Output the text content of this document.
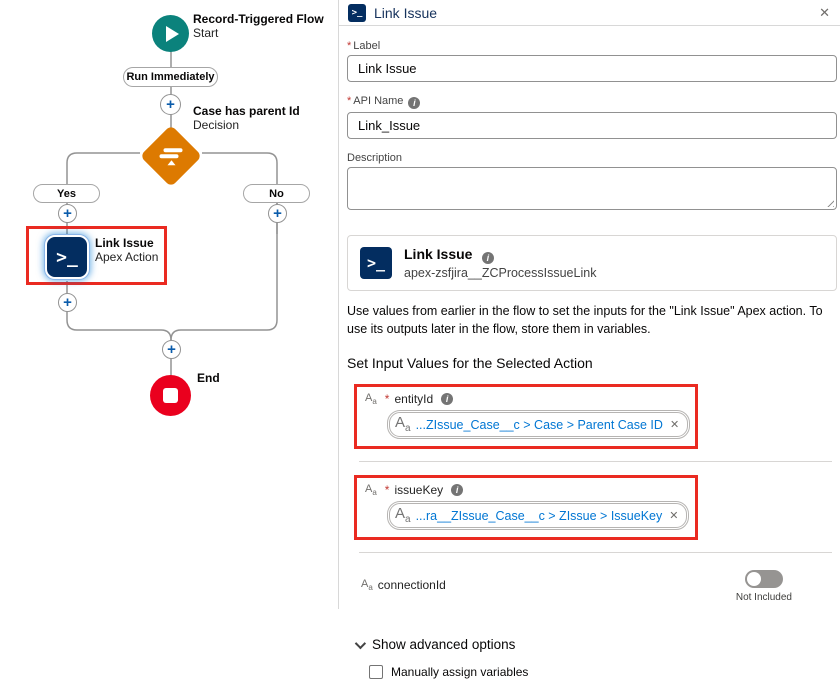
Record-Triggered Flow
Start
Run Immediately
+	Case has parent Id
Decision
Yes	No
+	+
>_
Link Issue
Apex Action
+
+
End
>_ Link Issue	✕
* Label
Link Issue
* API Name i
Link_Issue
Description
>_ Link Issue i
apex-zsfjira__ZCProcessIssueLink
Use values from earlier in the flow to set the inputs for the "Link Issue" Apex action. To use its outputs later in the flow, store them in variables.
Set Input Values for the Selected Action
$A_a$ * entityId	i
$A_a$ ...ZIssue_Case__c > Case > Parent Case ID ✕
$A_a$ * issueKey	i
$A_a$ ...ra__ZIssue_Case__c > ZIssue > IssueKey ✕
$A_a$ connectionId
Not Included
Show advanced options
Manually assign variables
